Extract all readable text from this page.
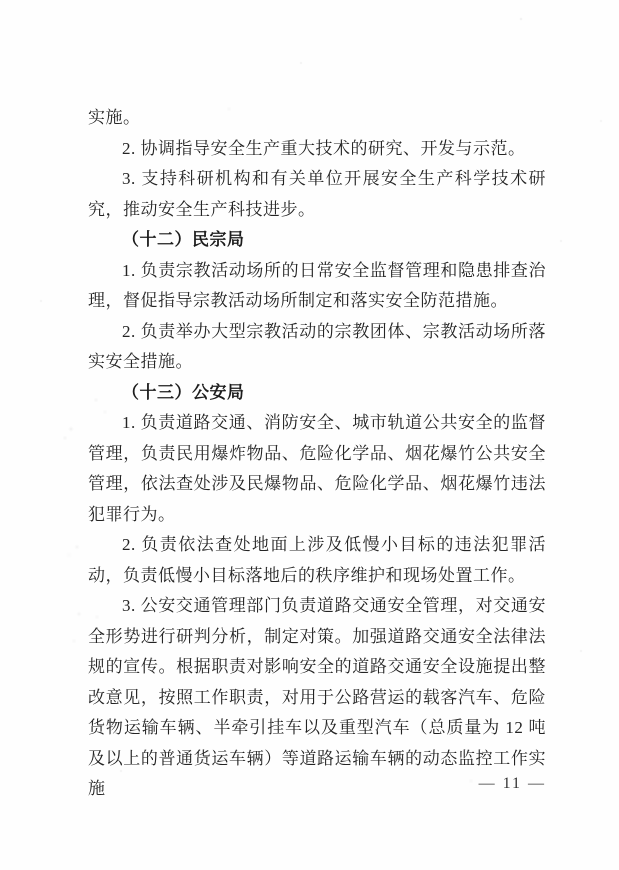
实施。

2. 协调指导安全生产重大技术的研究、开发与示范。

3. 支持科研机构和有关单位开展安全生产科学技术研究，推动安全生产科技进步。

（十二）民宗局

1. 负责宗教活动场所的日常安全监督管理和隐患排查治理，督促指导宗教活动场所制定和落实安全防范措施。

2. 负责举办大型宗教活动的宗教团体、宗教活动场所落实安全措施。

（十三）公安局

1. 负责道路交通、消防安全、城市轨道公共安全的监督管理，负责民用爆炸物品、危险化学品、烟花爆竹公共安全管理，依法查处涉及民爆物品、危险化学品、烟花爆竹违法犯罪行为。

2. 负责依法查处地面上涉及低慢小目标的违法犯罪活动，负责低慢小目标落地后的秩序维护和现场处置工作。

3. 公安交通管理部门负责道路交通安全管理，对交通安全形势进行研判分析，制定对策。加强道路交通安全法律法规的宣传。根据职责对影响安全的道路交通安全设施提出整改意见，按照工作职责，对用于公路营运的载客汽车、危险货物运输车辆、半牵引挂车以及重型汽车（总质量为 12 吨及以上的普通货运车辆）等道路运输车辆的动态监控工作实施	— 11 —
